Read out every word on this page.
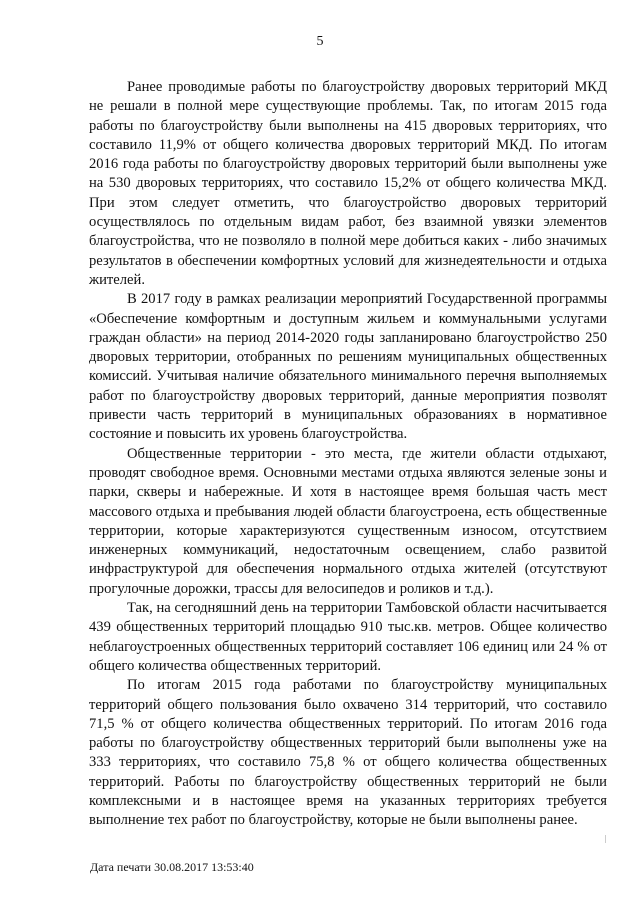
5

Ранее проводимые работы по благоустройству дворовых территорий МКД не решали в полной мере существующие проблемы. Так, по итогам 2015 года работы по благоустройству были выполнены на 415 дворовых территориях, что составило 11,9% от общего количества дворовых территорий МКД. По итогам 2016 года работы по благоустройству дворовых территорий были выполнены уже на 530 дворовых территориях, что составило 15,2% от общего количества МКД. При этом следует отметить, что благоустройство дворовых территорий осуществлялось по отдельным видам работ, без взаимной увязки элементов благоустройства, что не позволяло в полной мере добиться каких - либо значимых результатов в обеспечении комфортных условий для жизнедеятельности и отдыха жителей.

В 2017 году в рамках реализации мероприятий Государственной программы «Обеспечение комфортным и доступным жильем и коммунальными услугами граждан области» на период 2014-2020 годы запланировано благоустройство 250 дворовых территории, отобранных по решениям муниципальных общественных комиссий. Учитывая наличие обязательного минимального перечня выполняемых работ по благоустройству дворовых территорий, данные мероприятия позволят привести часть территорий в муниципальных образованиях в нормативное состояние и повысить их уровень благоустройства.

Общественные территории - это места, где жители области отдыхают, проводят свободное время. Основными местами отдыха являются зеленые зоны и парки, скверы и набережные. И хотя в настоящее время большая часть мест массового отдыха и пребывания людей области благоустроена, есть общественные территории, которые характеризуются существенным износом, отсутствием инженерных коммуникаций, недостаточным освещением, слабо развитой инфраструктурой для обеспечения нормального отдыха жителей (отсутствуют прогулочные дорожки, трассы для велосипедов и роликов и т.д.).

Так, на сегодняшний день на территории Тамбовской области насчитывается 439 общественных территорий площадью 910 тыс.кв. метров. Общее количество неблагоустроенных общественных территорий составляет 106 единиц или 24 % от общего количества общественных территорий.

По итогам 2015 года работами по благоустройству муниципальных территорий общего пользования было охвачено 314 территорий, что составило 71,5 % от общего количества общественных территорий. По итогам 2016 года работы по благоустройству общественных территорий были выполнены уже на 333 территориях, что составило 75,8 % от общего количества общественных территорий. Работы по благоустройству общественных территорий не были комплексными и в настоящее время на указанных территориях требуется выполнение тех работ по благоустройству, которые не были выполнены ранее.

Дата печати 30.08.2017 13:53:40
